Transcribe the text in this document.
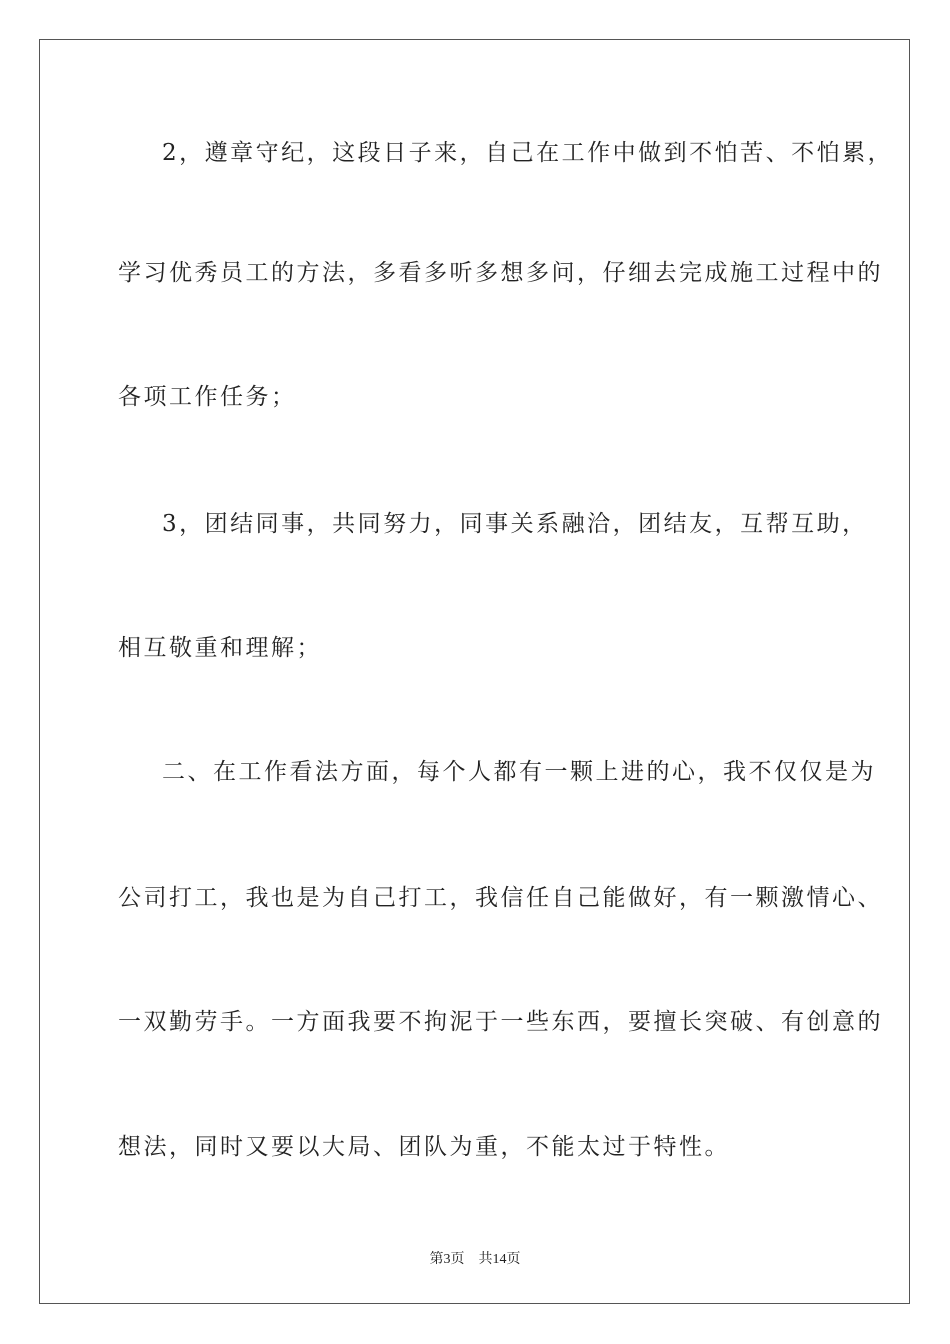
2，遵章守纪，这段日子来，自己在工作中做到不怕苦、不怕累，
学习优秀员工的方法，多看多听多想多问，仔细去完成施工过程中的
各项工作任务；
3，团结同事，共同努力，同事关系融洽，团结友，互帮互助，
相互敬重和理解；
二、在工作看法方面，每个人都有一颗上进的心，我不仅仅是为
公司打工，我也是为自己打工，我信任自己能做好，有一颗激情心、
一双勤劳手。一方面我要不拘泥于一些东西，要擅长突破、有创意的
想法，同时又要以大局、团队为重，不能太过于特性。
第3页　共14页
